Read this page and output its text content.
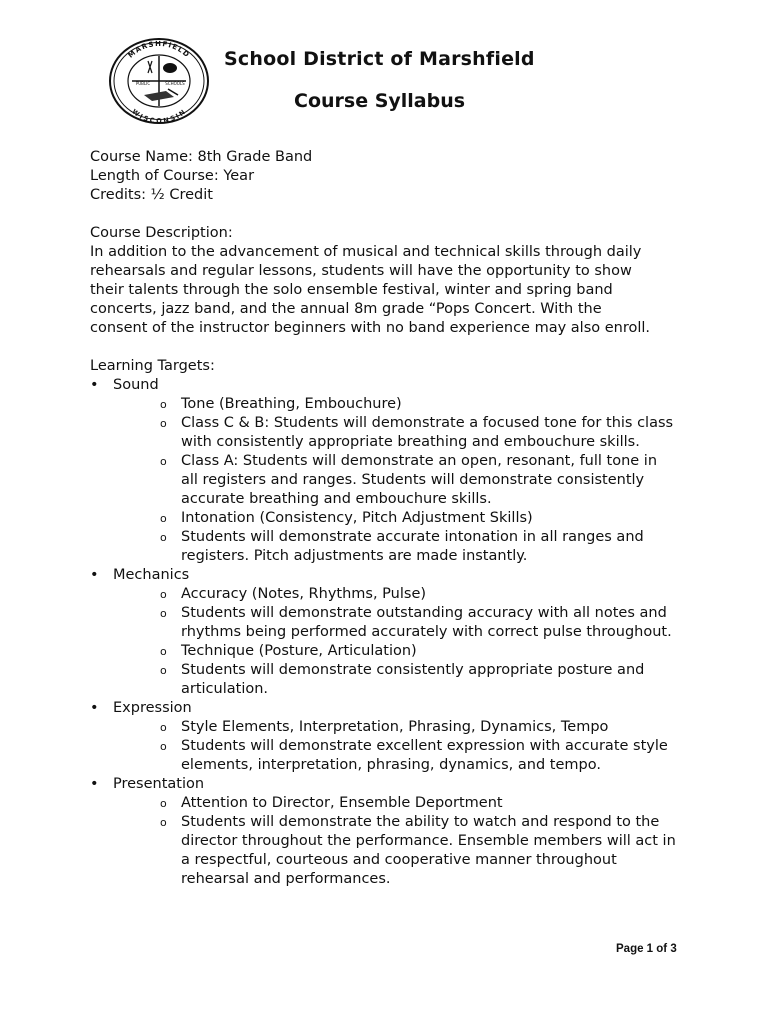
MARSHFIELD
WISCONSIN
PUBLIC	SCHOOLS
School District of Marshfield
Course Syllabus

Course Name: 8th Grade Band

Length of Course: Year

Credits: ½ Credit

Course Description:

In addition to the advancement of musical and technical skills through daily
rehearsals and regular lessons, students will have the opportunity to show
their talents through the solo ensemble festival, winter and spring band
concerts, jazz band, and the annual 8m grade “Pops Concert. With the
consent of the instructor beginners with no band experience may also enroll.

Learning Targets:

• Sound
o Tone (Breathing, Embouchure)
o Class C & B: Students will demonstrate a focused tone for this class
with consistently appropriate breathing and embouchure skills.
o Class A: Students will demonstrate an open, resonant, full tone in
all registers and ranges. Students will demonstrate consistently
accurate breathing and embouchure skills.
o Intonation (Consistency, Pitch Adjustment Skills)
o Students will demonstrate accurate intonation in all ranges and
registers. Pitch adjustments are made instantly.
• Mechanics
o Accuracy (Notes, Rhythms, Pulse)
o Students will demonstrate outstanding accuracy with all notes and
rhythms being performed accurately with correct pulse throughout.
o Technique (Posture, Articulation)
o Students will demonstrate consistently appropriate posture and
articulation.
• Expression
o Style Elements, Interpretation, Phrasing, Dynamics, Tempo
o Students will demonstrate excellent expression with accurate style
elements, interpretation, phrasing, dynamics, and tempo.
• Presentation
o Attention to Director, Ensemble Deportment
o Students will demonstrate the ability to watch and respond to the
director throughout the performance. Ensemble members will act in
a respectful, courteous and cooperative manner throughout
rehearsal and performances.
Page 1 of 3
